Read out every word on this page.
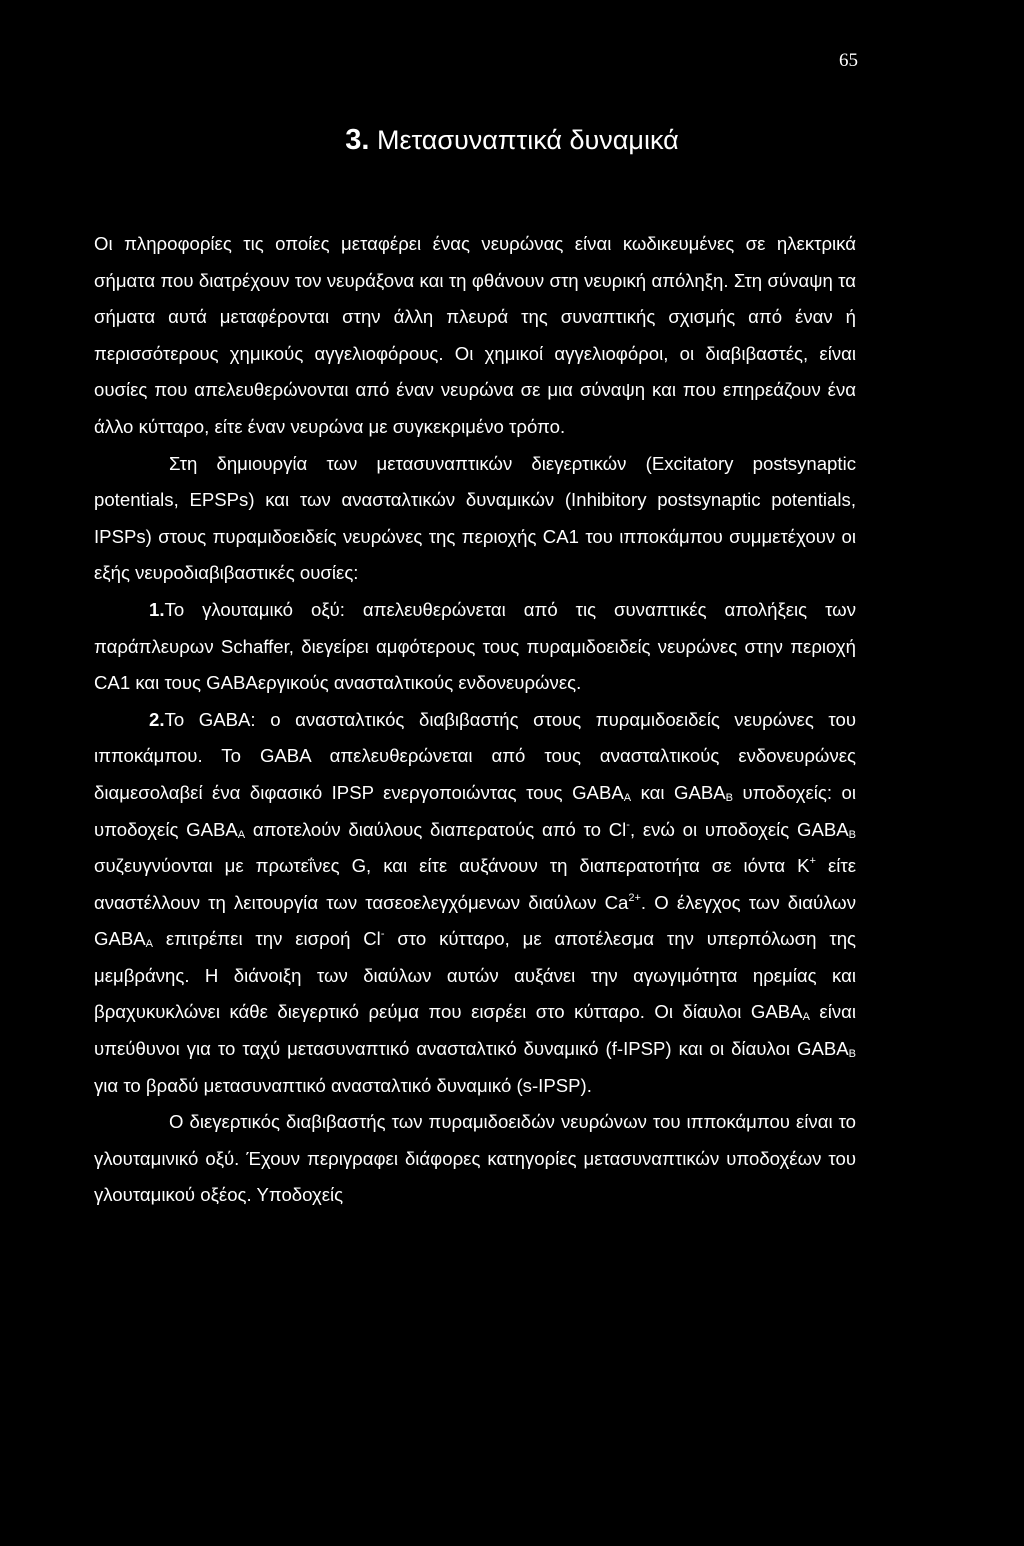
65
3. Μετασυναπτικά δυναμικά

Οι πληροφορίες τις οποίες μεταφέρει ένας νευρώνας είναι κωδικευμένες σε ηλεκτρικά σήματα που διατρέχουν τον νευράξονα και τη φθάνουν στη νευρική απόληξη. Στη σύναψη τα σήματα αυτά μεταφέρονται στην άλλη πλευρά της συναπτικής σχισμής από έναν ή περισσότερους χημικούς αγγελιοφόρους. Οι χημικοί αγγελιοφόροι, οι διαβιβαστές, είναι ουσίες που απελευθερώνονται από έναν νευρώνα σε μια σύναψη και που επηρεάζουν ένα άλλο κύτταρο, είτε έναν νευρώνα με συγκεκριμένο τρόπο.

Στη δημιουργία των μετασυναπτικών διεγερτικών (Excitatory postsynaptic potentials, EPSPs) και των ανασταλτικών δυναμικών (Inhibitory postsynaptic potentials, IPSPs) στους πυραμιδοειδείς νευρώνες της περιοχής CA1 του ιπποκάμπου συμμετέχουν οι εξής νευροδιαβιβαστικές ουσίες:

1.Το γλουταμικό οξύ: απελευθερώνεται από τις συναπτικές απολήξεις των παράπλευρων Schaffer, διεγείρει αμφότερους τους πυραμιδοειδείς νευρώνες στην περιοχή CA1 και τους GABAεργικούς ανασταλτικούς ενδονευρώνες.

2.Το GABA: ο ανασταλτικός διαβιβαστής στους πυραμιδοειδείς νευρώνες του ιπποκάμπου. Το GABA απελευθερώνεται από τους ανασταλτικούς ενδονευρώνες διαμεσολαβεί ένα διφασικό IPSP ενεργοποιώντας τους $GABA_A$ και $GABA_B$ υποδοχείς: οι υποδοχείς $GABA_A$ αποτελούν διαύλους διαπερατούς από το Cl-, ενώ οι υποδοχείς $GABA_B$ συζευγνύονται με πρωτεΐνες G, και είτε αυξάνουν τη διαπερατοτήτα σε ιόντα K+ είτε αναστέλλουν τη λειτουργία των τασεοελεγχόμενων διαύλων $Ca^{2+}$. Ο έλεγχος των διαύλων $GABA_A$ επιτρέπει την εισροή Cl- στο κύτταρο, με αποτέλεσμα την υπερπόλωση της μεμβράνης. Η διάνοιξη των διαύλων αυτών αυξάνει την αγωγιμότητα ηρεμίας και βραχυκυκλώνει κάθε διεγερτικό ρεύμα που εισρέει στο κύτταρο. Οι δίαυλοι $GABA_A$ είναι υπεύθυνοι για το ταχύ μετασυναπτικό ανασταλτικό δυναμικό (f-IPSP) και οι δίαυλοι $GABA_B$ για το βραδύ μετασυναπτικό ανασταλτικό δυναμικό (s-IPSP).

Ο διεγερτικός διαβιβαστής των πυραμιδοειδών νευρώνων του ιπποκάμπου είναι το γλουταμινικό οξύ. Έχουν περιγραφει διάφορες κατηγορίες μετασυναπτικών υποδοχέων του γλουταμικού οξέος. Υποδοχείς
